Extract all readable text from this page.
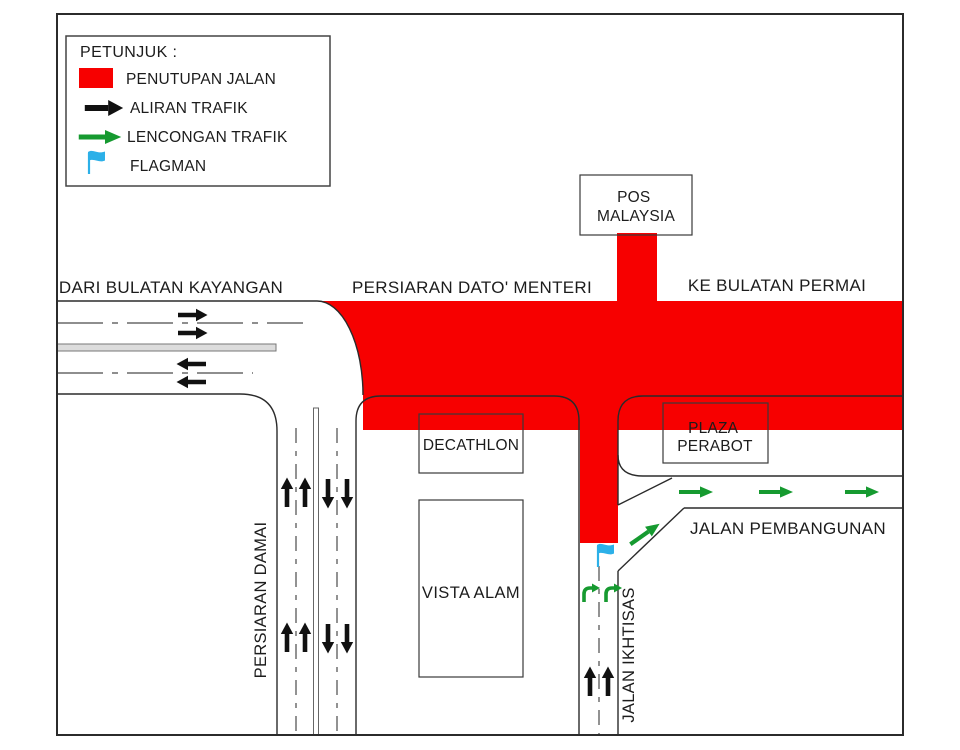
POS MALAYSIA
DECATHLON
VISTA ALAM
PLAZA PERABOT
DARI BULATAN KAYANGAN	PERSIARAN DATO' MENTERI	KE BULATAN PERMAI
JALAN PEMBANGUNAN
PERSIARAN DAMAI	JALAN IKHTISAS
PETUNJUK :
PENUTUPAN JALAN
ALIRAN TRAFIK
LENCONGAN TRAFIK
FLAGMAN
